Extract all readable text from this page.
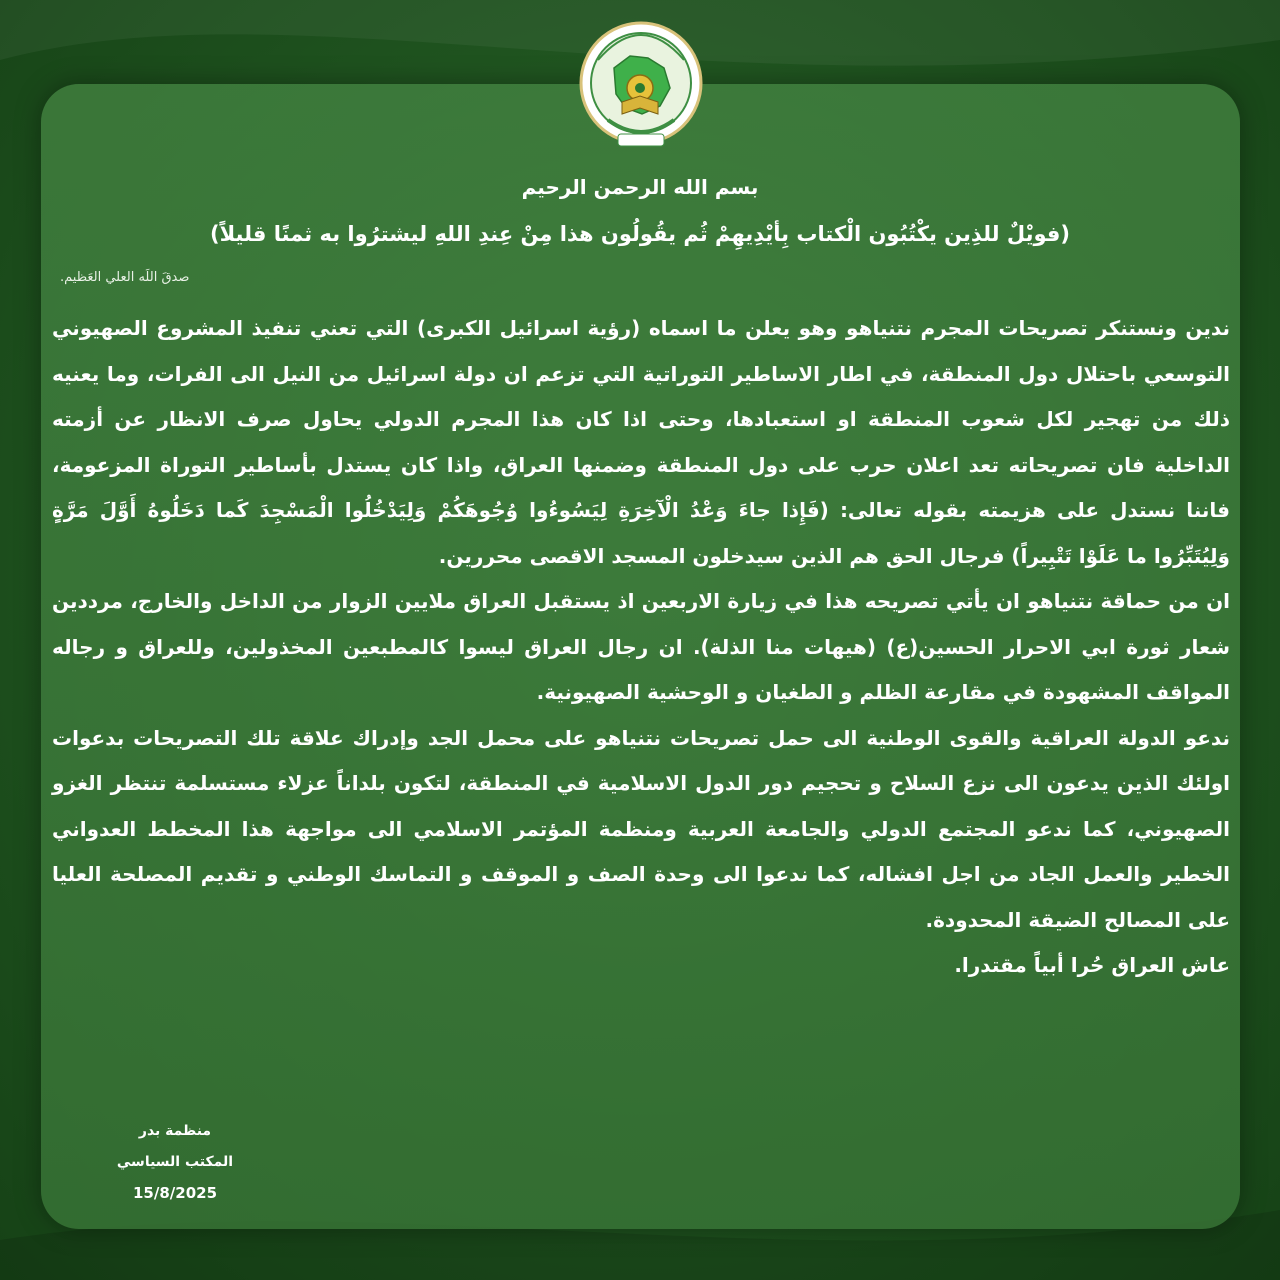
بسم الله الرحمن الرحيم
(فويْلٌ للذِين يكْتُبُون الْكتاب بِأيْدِيهِمْ ثُم يقُولُون هذا مِنْ عِندِ اللهِ ليشترُوا به ثمنًا قليلاً)
صدقَ اللَه العلي العَظيم.

ندين ونستنكر تصريحات المجرم نتنياهو وهو يعلن ما اسماه (رؤية اسرائيل الكبرى) التي تعني تنفيذ المشروع الصهيوني التوسعي باحتلال دول المنطقة، في اطار الاساطير التوراتية التي تزعم ان دولة اسرائيل من النيل الى الفرات، وما يعنيه ذلك من تهجير لكل شعوب المنطقة او استعبادها، وحتى اذا كان هذا المجرم الدولي يحاول صرف الانظار عن أزمته الداخلية فان تصريحاته تعد اعلان حرب على دول المنطقة وضمنها العراق، واذا كان يستدل بأساطير التوراة المزعومة، فاننا نستدل على هزيمته بقوله تعالى: (فَإِذا جاءَ وَعْدُ الْآخِرَةِ لِيَسُوءُوا وُجُوهَكُمْ وَلِيَدْخُلُوا الْمَسْجِدَ كَما دَخَلُوهُ أَوَّلَ مَرَّةٍ وَلِيُتَبِّرُوا ما عَلَوْا تَتْبِيراً) فرجال الحق هم الذين سيدخلون المسجد الاقصى محررين.

ان من حماقة نتنياهو ان يأتي تصريحه هذا في زيارة الاربعين اذ يستقبل العراق ملايين الزوار من الداخل والخارج، مرددين شعار ثورة ابي الاحرار الحسين(ع) (هيهات منا الذلة). ان رجال العراق ليسوا كالمطبعين المخذولين، وللعراق و رجاله المواقف المشهودة في مقارعة الظلم و الطغيان و الوحشية الصهيونية.

ندعو الدولة العراقية والقوى الوطنية الى حمل تصريحات نتنياهو على محمل الجد وإدراك علاقة تلك التصريحات بدعوات اولئك الذين يدعون الى نزع السلاح و تحجيم دور الدول الاسلامية في المنطقة، لتكون بلداناً عزلاء مستسلمة تنتظر الغزو الصهيوني، كما ندعو المجتمع الدولي والجامعة العربية ومنظمة المؤتمر الاسلامي الى مواجهة هذا المخطط العدواني الخطير والعمل الجاد من اجل افشاله، كما ندعوا الى وحدة الصف و الموقف و التماسك الوطني و تقديم المصلحة العليا على المصالح الضيقة المحدودة.

عاش العراق حُرا أبياً مقتدرا.

منظمة بدر
المكتب السياسي
15/8/2025
